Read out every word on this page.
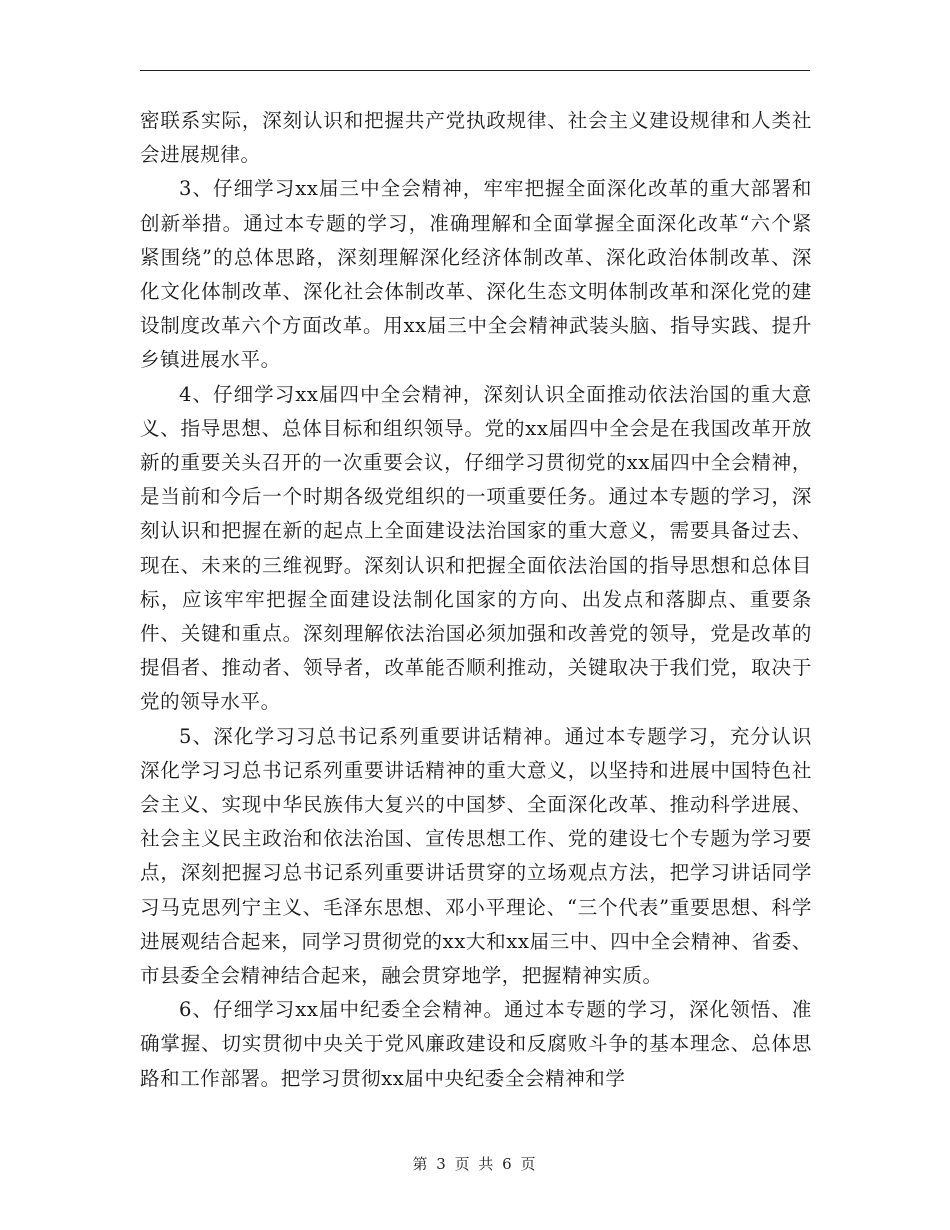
密联系实际，深刻认识和把握共产党执政规律、社会主义建设规律和人类社会进展规律。

3、仔细学习xx届三中全会精神，牢牢把握全面深化改革的重大部署和创新举措。通过本专题的学习，准确理解和全面掌握全面深化改革“六个紧紧围绕”的总体思路，深刻理解深化经济体制改革、深化政治体制改革、深化文化体制改革、深化社会体制改革、深化生态文明体制改革和深化党的建设制度改革六个方面改革。用xx届三中全会精神武装头脑、指导实践、提升乡镇进展水平。

4、仔细学习xx届四中全会精神，深刻认识全面推动依法治国的重大意义、指导思想、总体目标和组织领导。党的xx届四中全会是在我国改革开放新的重要关头召开的一次重要会议，仔细学习贯彻党的xx届四中全会精神，是当前和今后一个时期各级党组织的一项重要任务。通过本专题的学习，深刻认识和把握在新的起点上全面建设法治国家的重大意义，需要具备过去、现在、未来的三维视野。深刻认识和把握全面依法治国的指导思想和总体目标，应该牢牢把握全面建设法制化国家的方向、出发点和落脚点、重要条件、关键和重点。深刻理解依法治国必须加强和改善党的领导，党是改革的提倡者、推动者、领导者，改革能否顺利推动，关键取决于我们党，取决于党的领导水平。

5、深化学习习总书记系列重要讲话精神。通过本专题学习，充分认识深化学习习总书记系列重要讲话精神的重大意义，以坚持和进展中国特色社会主义、实现中华民族伟大复兴的中国梦、全面深化改革、推动科学进展、社会主义民主政治和依法治国、宣传思想工作、党的建设七个专题为学习要点，深刻把握习总书记系列重要讲话贯穿的立场观点方法，把学习讲话同学习马克思列宁主义、毛泽东思想、邓小平理论、“三个代表”重要思想、科学进展观结合起来，同学习贯彻党的xx大和xx届三中、四中全会精神、省委、市县委全会精神结合起来，融会贯穿地学，把握精神实质。

6、仔细学习xx届中纪委全会精神。通过本专题的学习，深化领悟、准确掌握、切实贯彻中央关于党风廉政建设和反腐败斗争的基本理念、总体思路和工作部署。把学习贯彻xx届中央纪委全会精神和学

第 3 页 共 6 页
